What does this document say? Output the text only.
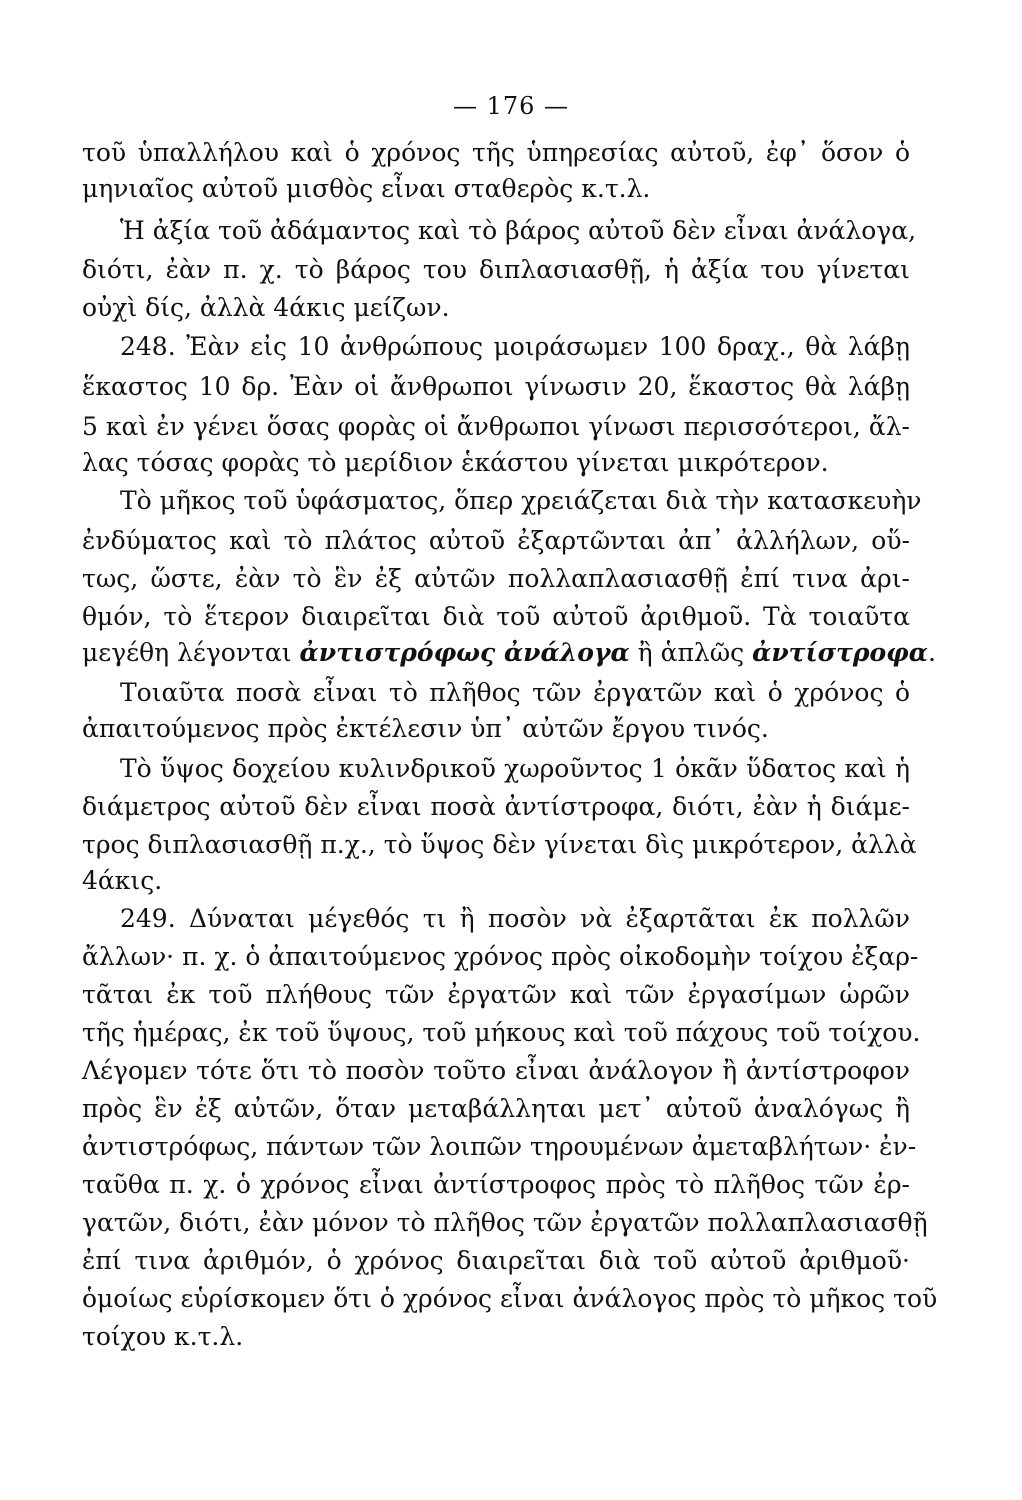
— 176 —
τοῦ ὑπαλλήλου καὶ ὁ χρόνος τῆς ὑπηρεσίας αὐτοῦ, ἐφ᾽ ὅσον ὁ
μηνιαῖος αὐτοῦ μισθὸς εἶναι σταθερὸς κ.τ.λ.
Ἡ ἀξία τοῦ ἀδάμαντος καὶ τὸ βάρος αὐτοῦ δὲν εἶναι ἀνάλογα,
διότι, ἐὰν π. χ. τὸ βάρος του διπλασιασθῇ, ἡ ἀξία του γίνεται
οὐχὶ δίς, ἀλλὰ 4άκις μείζων.
248. Ἐὰν εἰς 10 ἀνθρώπους μοιράσωμεν 100 δραχ., θὰ λάβῃ
ἕκαστος 10 δρ. Ἐὰν οἱ ἄνθρωποι γίνωσιν 20, ἕκαστος θὰ λάβῃ
5 καὶ ἐν γένει ὅσας φορὰς οἱ ἄνθρωποι γίνωσι περισσότεροι, ἄλ-
λας τόσας φορὰς τὸ μερίδιον ἑκάστου γίνεται μικρότερον.
Τὸ μῆκος τοῦ ὑφάσματος, ὅπερ χρειάζεται διὰ τὴν κατασκευὴν
ἐνδύματος καὶ τὸ πλάτος αὐτοῦ ἐξαρτῶνται ἀπ᾽ ἀλλήλων, οὕ-
τως, ὥστε, ἐὰν τὸ ἓν ἐξ αὐτῶν πολλαπλασιασθῇ ἐπί τινα ἀρι-
θμόν, τὸ ἕτερον διαιρεῖται διὰ τοῦ αὐτοῦ ἀριθμοῦ. Τὰ τοιαῦτα
μεγέθη λέγονται ἀντιστρόφως ἀνάλογα ἢ ἁπλῶς ἀντίστροφα.
Τοιαῦτα ποσὰ εἶναι τὸ πλῆθος τῶν ἐργατῶν καὶ ὁ χρόνος ὁ
ἀπαιτούμενος πρὸς ἐκτέλεσιν ὑπ᾽ αὐτῶν ἔργου τινός.
Τὸ ὕψος δοχείου κυλινδρικοῦ χωροῦντος 1 ὀκᾶν ὕδατος καὶ ἡ
διάμετρος αὐτοῦ δὲν εἶναι ποσὰ ἀντίστροφα, διότι, ἐὰν ἡ διάμε-
τρος διπλασιασθῇ π.χ., τὸ ὕψος δὲν γίνεται δὶς μικρότερον, ἀλλὰ
4άκις.
249. Δύναται μέγεθός τι ἢ ποσὸν νὰ ἐξαρτᾶται ἐκ πολλῶν
ἄλλων· π. χ. ὁ ἀπαιτούμενος χρόνος πρὸς οἰκοδομὴν τοίχου ἐξαρ-
τᾶται ἐκ τοῦ πλήθους τῶν ἐργατῶν καὶ τῶν ἐργασίμων ὡρῶν
τῆς ἡμέρας, ἐκ τοῦ ὕψους, τοῦ μήκους καὶ τοῦ πάχους τοῦ τοίχου.
Λέγομεν τότε ὅτι τὸ ποσὸν τοῦτο εἶναι ἀνάλογον ἢ ἀντίστροφον
πρὸς ἓν ἐξ αὐτῶν, ὅταν μεταβάλληται μετ᾽ αὐτοῦ ἀναλόγως ἢ
ἀντιστρόφως, πάντων τῶν λοιπῶν τηρουμένων ἀμεταβλήτων· ἐν-
ταῦθα π. χ. ὁ χρόνος εἶναι ἀντίστροφος πρὸς τὸ πλῆθος τῶν ἐρ-
γατῶν, διότι, ἐὰν μόνον τὸ πλῆθος τῶν ἐργατῶν πολλαπλασιασθῇ
ἐπί τινα ἀριθμόν, ὁ χρόνος διαιρεῖται διὰ τοῦ αὐτοῦ ἀριθμοῦ·
ὁμοίως εὑρίσκομεν ὅτι ὁ χρόνος εἶναι ἀνάλογος πρὸς τὸ μῆκος τοῦ
τοίχου κ.τ.λ.
